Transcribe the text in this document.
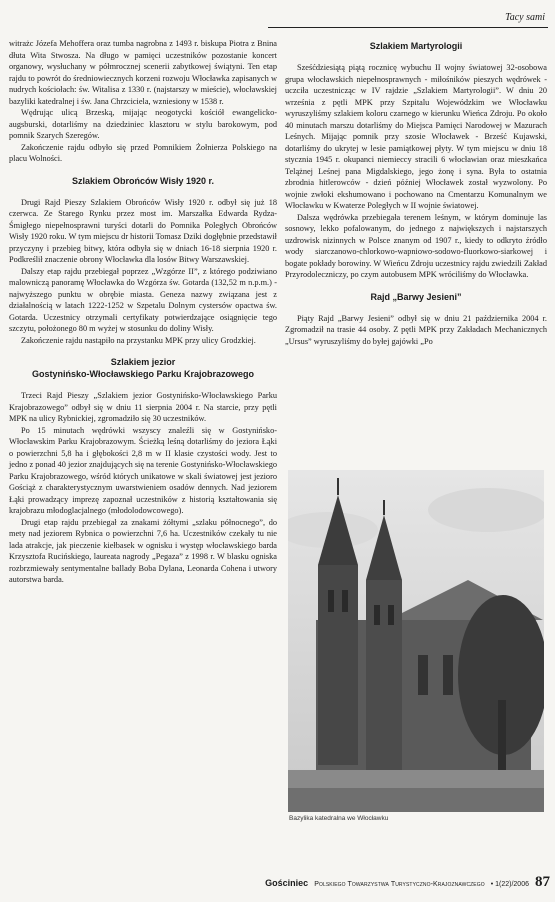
Tacy sami

witrażc Józefa Mehoffera oraz tumba nagrobna z 1493 r. biskupa Piotra z Bnina dłuta Wita Stwosza. Na długo w pamięci uczestników pozostanie koncert organowy, wysłuchany w półmrocznej scenerii zabytkowej świątyni. Ten etap rajdu to powrót do średniowiecznych korzeni rozwoju Włocławka zapisanych w nudrych kościołach: św. Witalisa z 1330 r. (najstarszy w mieście), włocławskiej bazyliki katedralnej i św. Jana Chrzciciela, wzniesiony w 1538 r.

Wędrując ulicą Brzeską, mijając neogotycki kościół ewangelicko-augsburski, dotarliśmy na dziedziniec klasztoru w stylu barokowym, pod pomnik Szarych Szeregów.

Zakończenie rajdu odbyło się przed Pomnikiem Żołnierza Polskiego na placu Wolności.

Szlakiem Obrońców Wisły 1920 r.

Drugi Rajd Pieszy Szlakiem Obrońców Wisły 1920 r. odbył się już 18 czerwca. Ze Starego Rynku przez most im. Marszałka Edwarda Rydza-Śmigłego niepełnosprawni turyści dotarli do Pomnika Poległych Obrońców Wisły 1920 roku. W tym miejscu dr historii Tomasz Dziki dogłębnie przedstawił przyczyny i przebieg bitwy, która odbyła się w dniach 16-18 sierpnia 1920 r. Podkreślił znaczenie obrony Włocławka dla losów Bitwy Warszawskiej.

Dalszy etap rajdu przebiegał poprzez „Wzgórze II”, z którego podziwiano malowniczą panoramę Włocławka do Wzgórza św. Gotarda (132,52 m n.p.m.) - najwyższego punktu w obrębie miasta. Geneza nazwy związana jest z działalnością w latach 1222-1252 w Szpetalu Dolnym cystersów opactwa św. Gotarda. Uczestnicy otrzymali certyfikaty potwierdzające osiągnięcie tego szczytu, położonego 80 m wyżej w stosunku do doliny Wisły.

Zakończenie rajdu nastąpiło na przystanku MPK przy ulicy Grodzkiej.

Szlakiem jezior
Gostynińsko-Włocławskiego Parku Krajobrazowego

Trzeci Rajd Pieszy „Szlakiem jezior Gostynińsko-Włocławskiego Parku Krajobrazowego” odbył się w dniu 11 sierpnia 2004 r. Na starcie, przy pętli MPK na ulicy Rybnickiej, zgromadziło się 30 uczestników.

Po 15 minutach wędrówki wszyscy znaleźli się w Gostynińsko-Włocławskim Parku Krajobrazowym. Ścieżką leśną dotarliśmy do jeziora Łąki o powierzchni 5,8 ha i głębokości 2,8 m w II klasie czystości wody. Jest to jedno z ponad 40 jezior znajdujących się na terenie Gostynińsko-Włocławskiego Parku Krajobrazowego, wśród których unikatowe w skali światowej jest jezioro Gościąż z charakterystycznym uwarstwieniem osadów dennych. Nad jeziorem Łąki prowadzący imprezę zapoznał uczestników z historią kształtowania się krajobrazu młodoglacjalnego (młodolodowcowego).

Drugi etap rajdu przebiegał za znakami żółtymi „szlaku północnego”, do mety nad jeziorem Rybnica o powierzchni 7,6 ha. Uczestników czekały tu nie lada atrakcje, jak pieczenie kiełbasek w ognisku i występ włocławskiego barda Krzysztofa Rucińskiego, laureata nagrody „Pegaza” z 1998 r. W blasku ogniska rozbrzmiewały sentymentalne ballady Boba Dylana, Leonarda Cohena i utwory autorstwa barda.

Szlakiem Martyrologii

Sześćdziesiątą piątą rocznicę wybuchu II wojny światowej 32-osobowa grupa włocławskich niepełnosprawnych - miłośników pieszych wędrówek - uczciła uczestnicząc w IV rajdzie „Szlakiem Martyrologii”. W dniu 20 września z pętli MPK przy Szpitalu Wojewódzkim we Włocławku wyruszyliśmy szlakiem koloru czarnego w kierunku Wieńca Zdroju. Po około 40 minutach marszu dotarliśmy do Miejsca Pamięci Narodowej w Mazurach Leśnych. Mijając pomnik przy szosie Włocławek - Brześć Kujawski, dotarliśmy do ukrytej w lesie pamiątkowej płyty. W tym miejscu w dniu 18 stycznia 1945 r. okupanci niemieccy stracili 6 włocławian oraz mieszkańca Telążnej Leśnej pana Migdalskiego, jego żonę i syna. Była to ostatnia zbrodnia hitlerowców - dzień później Włocławek został wyzwolony. Po wojnie zwłoki ekshumowano i pochowano na Cmentarzu Komunalnym we Włocławku w Kwaterze Poległych w II wojnie światowej.

Dalsza wędrówka przebiegała terenem leśnym, w którym dominuje las sosnowy, lekko pofalowanym, do jednego z największych i najstarszych uzdrowisk nizinnych w Polsce znanym od 1907 r., kiedy to odkryto źródło wody siarczanowo-chlorkowo-wapniowo-sodowo-fluorkowo-siarkowej i bogate pokłady borowiny. W Wieńcu Zdroju uczestnicy rajdu zwiedzili Zakład Przyrodoleczniczy, po czym autobusem MPK wróciliśmy do Włocławka.

Rajd „Barwy Jesieni”

Piąty Rajd „Barwy Jesieni” odbył się w dniu 21 października 2004 r. Zgromadził na trasie 44 osoby. Z pętli MPK przy Zakładach Mechanicznych „Ursus” wyruszyliśmy do byłej gajówki „Po

Bazylika katedralna we Włocławku
Gościniec Polskiego Towarzystwa Turystyczno-Krajoznawczego • 1(22)/2006 87
